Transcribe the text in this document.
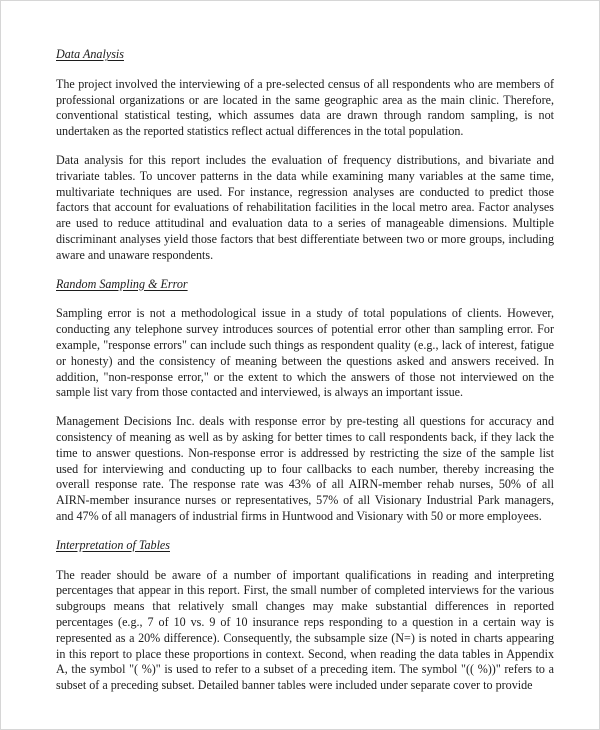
Data Analysis

The project involved the interviewing of a pre-selected census of all respondents who are members of professional organizations or are located in the same geographic area as the main clinic. Therefore, conventional statistical testing, which assumes data are drawn through random sampling, is not undertaken as the reported statistics reflect actual differences in the total population.

Data analysis for this report includes the evaluation of frequency distributions, and bivariate and trivariate tables. To uncover patterns in the data while examining many variables at the same time, multivariate techniques are used. For instance, regression analyses are conducted to predict those factors that account for evaluations of rehabilitation facilities in the local metro area. Factor analyses are used to reduce attitudinal and evaluation data to a series of manageable dimensions. Multiple discriminant analyses yield those factors that best differentiate between two or more groups, including aware and unaware respondents.

Random Sampling & Error

Sampling error is not a methodological issue in a study of total populations of clients. However, conducting any telephone survey introduces sources of potential error other than sampling error. For example, "response errors" can include such things as respondent quality (e.g., lack of interest, fatigue or honesty) and the consistency of meaning between the questions asked and answers received. In addition, "non-response error," or the extent to which the answers of those not interviewed on the sample list vary from those contacted and interviewed, is always an important issue.

Management Decisions Inc. deals with response error by pre-testing all questions for accuracy and consistency of meaning as well as by asking for better times to call respondents back, if they lack the time to answer questions. Non-response error is addressed by restricting the size of the sample list used for interviewing and conducting up to four callbacks to each number, thereby increasing the overall response rate. The response rate was 43% of all AIRN-member rehab nurses, 50% of all AIRN-member insurance nurses or representatives, 57% of all Visionary Industrial Park managers, and 47% of all managers of industrial firms in Huntwood and Visionary with 50 or more employees.

Interpretation of Tables

The reader should be aware of a number of important qualifications in reading and interpreting percentages that appear in this report. First, the small number of completed interviews for the various subgroups means that relatively small changes may make substantial differences in reported percentages (e.g., 7 of 10 vs. 9 of 10 insurance reps responding to a question in a certain way is represented as a 20% difference). Consequently, the subsample size (N=) is noted in charts appearing in this report to place these proportions in context. Second, when reading the data tables in Appendix A, the symbol "( %)" is used to refer to a subset of a preceding item. The symbol "(( %))" refers to a subset of a preceding subset. Detailed banner tables were included under separate cover to provide
